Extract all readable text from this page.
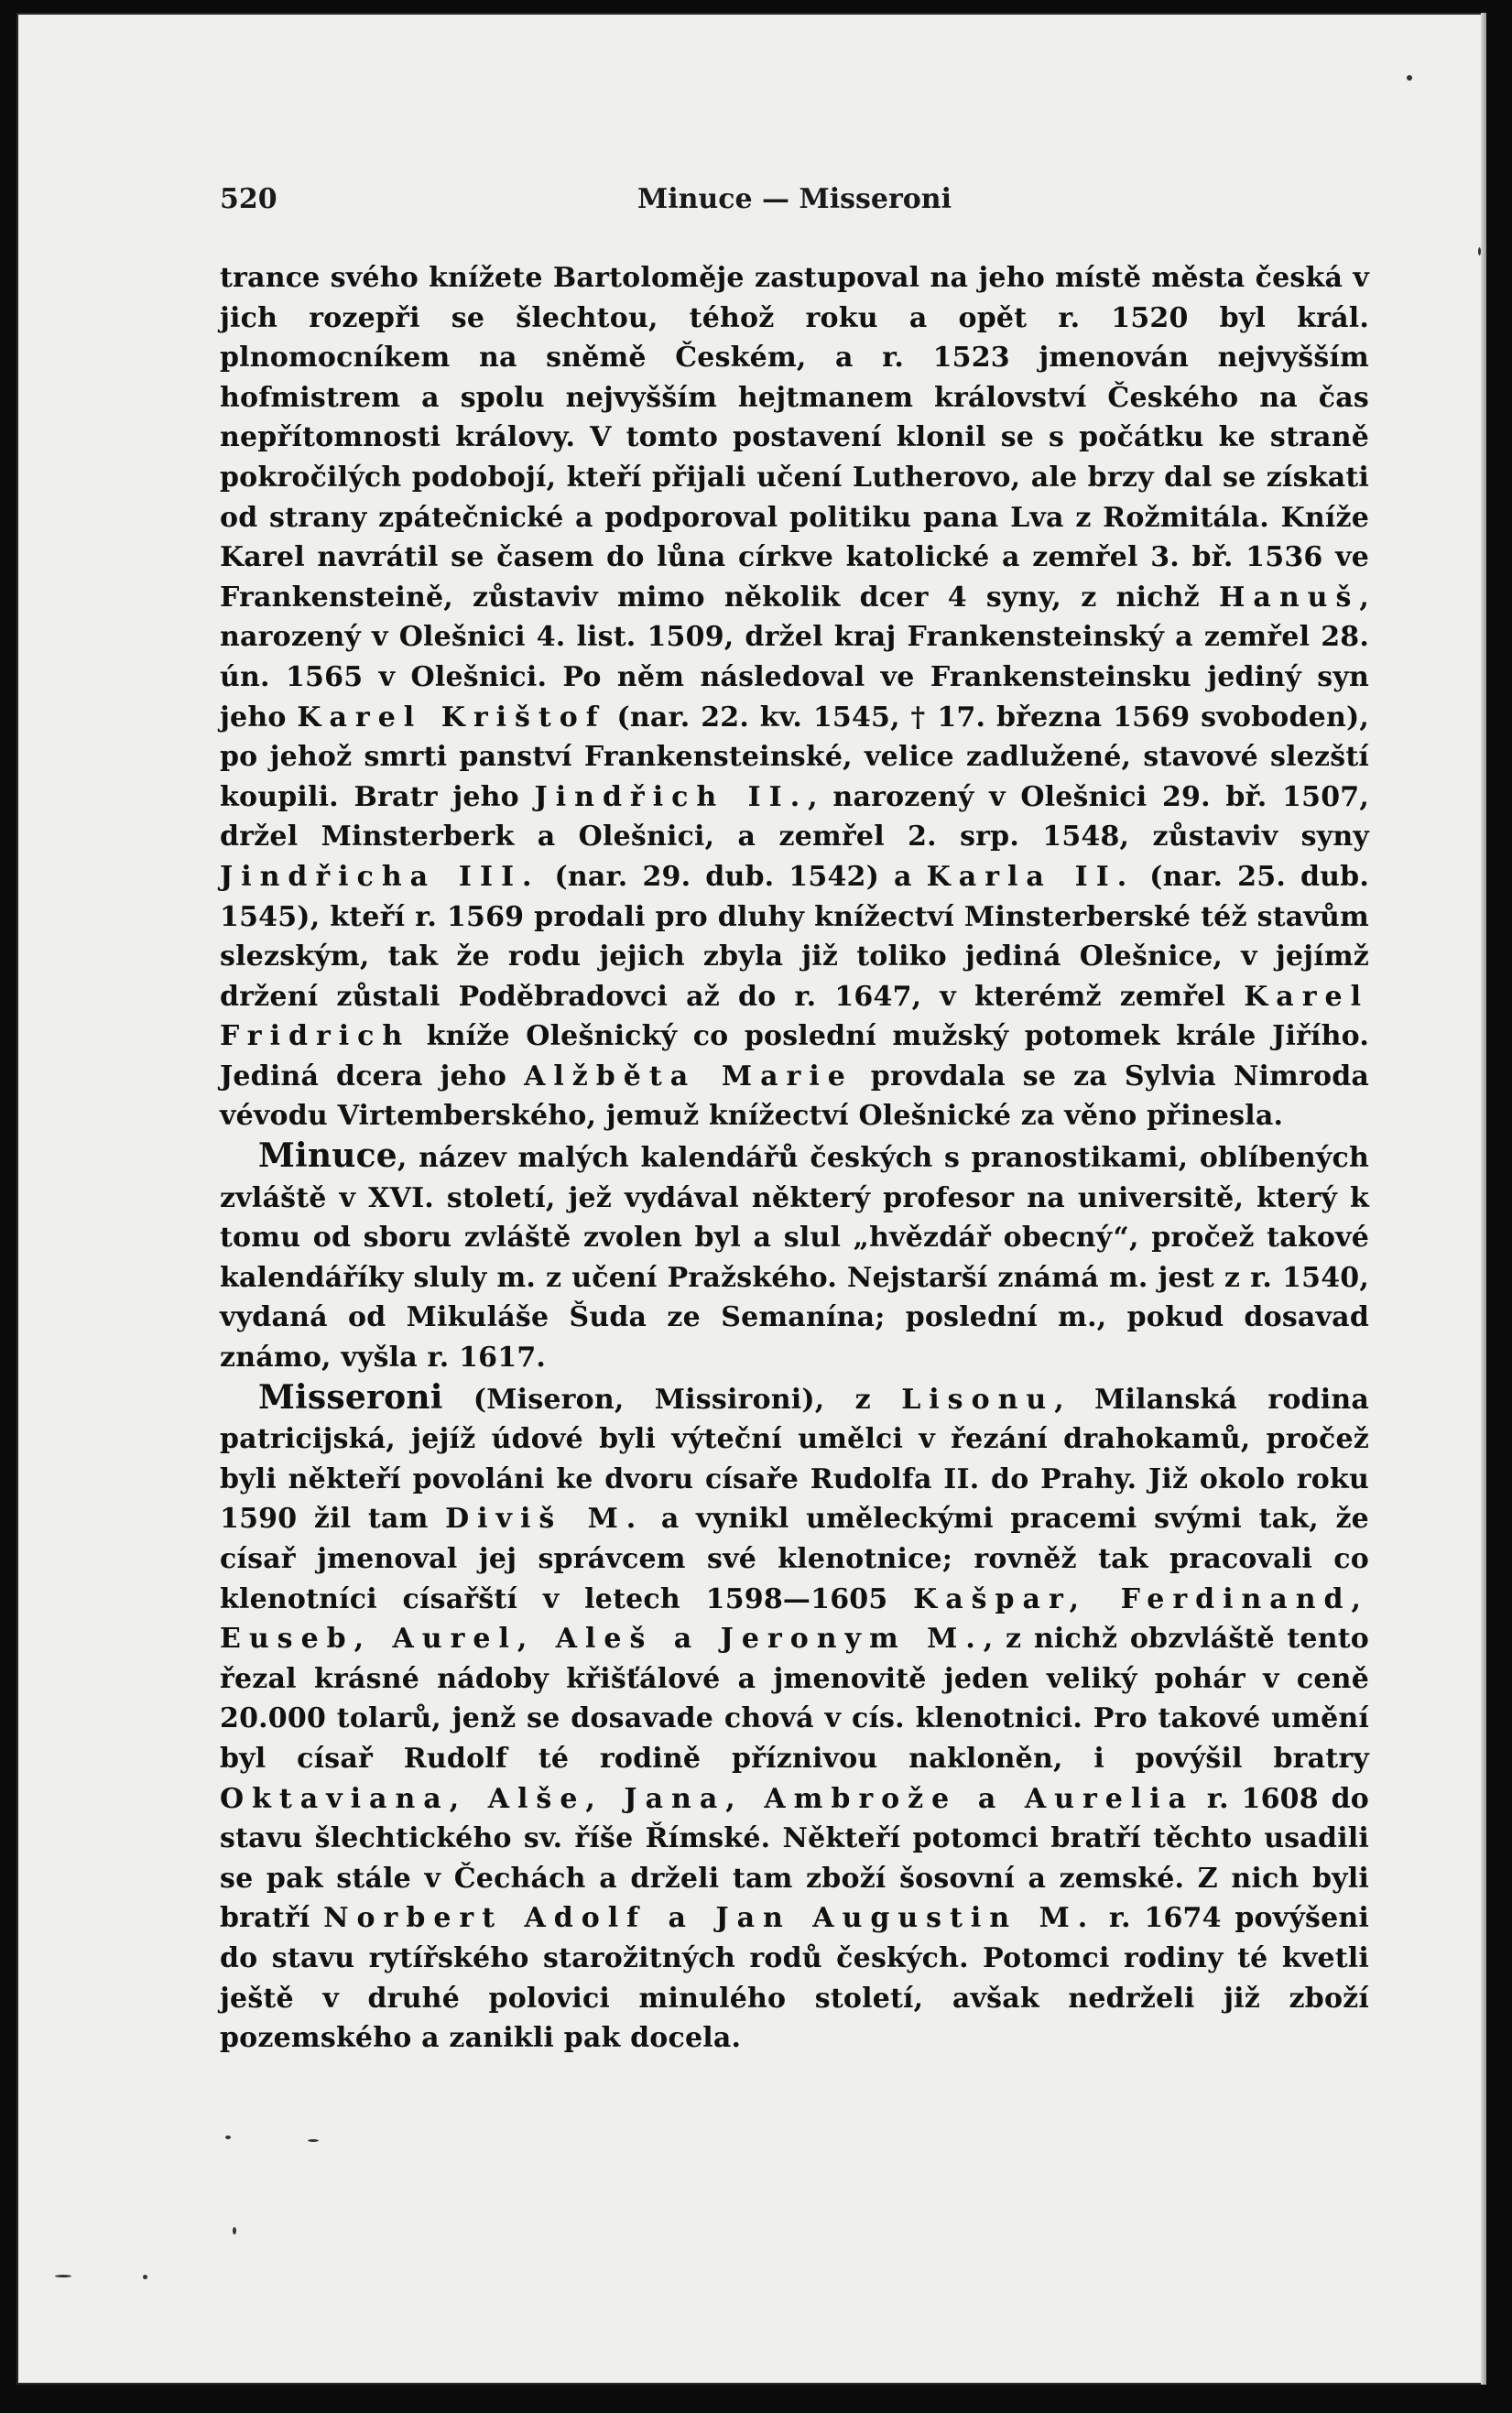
520	Minuce — Misseroni

trance svého knížete Bartoloměje zastupoval na jeho místě města česká v jich rozepři se šlechtou, téhož roku a opět r. 1520 byl král. plnomocníkem na sněmě Českém, a r. 1523 jmenován nejvyšším hofmistrem a spolu nejvyšším hejtmanem království Českého na čas nepřítomnosti královy. V tomto postavení klonil se s počátku ke straně pokročilých podobojí, kteří přijali učení Lutherovo, ale brzy dal se získati od strany zpátečnické a podporoval politiku pana Lva z Rožmitála. Kníže Karel navrátil se časem do lůna církve katolické a zemřel 3. bř. 1536 ve Frankensteině, zůstaviv mimo několik dcer 4 syny, z nichž Hanuš, narozený v Olešnici 4. list. 1509, držel kraj Frankensteinský a zemřel 28. ún. 1565 v Olešnici. Po něm následoval ve Frankensteinsku jediný syn jeho Karel Krištof (nar. 22. kv. 1545, † 17. března 1569 svoboden), po jehož smrti panství Frankensteinské, velice zadlužené, stavové slezští koupili. Bratr jeho Jindřich II., narozený v Olešnici 29. bř. 1507, držel Minsterberk a Olešnici, a zemřel 2. srp. 1548, zůstaviv syny Jindřicha III. (nar. 29. dub. 1542) a Karla II. (nar. 25. dub. 1545), kteří r. 1569 prodali pro dluhy knížectví Minsterberské též stavům slezským, tak že rodu jejich zbyla již toliko jediná Olešnice, v jejímž držení zůstali Poděbradovci až do r. 1647, v kterémž zemřel Karel Fridrich kníže Olešnický co poslední mužský potomek krále Jiřího. Jediná dcera jeho Alžběta Marie provdala se za Sylvia Nimroda vévodu Virtemberského, jemuž knížectví Olešnické za věno přinesla.

Minuce, název malých kalendářů českých s pranostikami, oblíbených zvláště v XVI. století, jež vydával některý profesor na universitě, který k tomu od sboru zvláště zvolen byl a slul „hvězdář obecný“, pročež takové kalendáříky sluly m. z učení Pražského. Nejstarší známá m. jest z r. 1540, vydaná od Mikuláše Šuda ze Semanína; poslední m., pokud dosavad známo, vyšla r. 1617.

Misseroni (Miseron, Missironi), z Lisonu, Milanská rodina patricijská, jejíž údové byli výteční umělci v řezání drahokamů, pročež byli někteří povoláni ke dvoru císaře Rudolfa II. do Prahy. Již okolo roku 1590 žil tam Diviš M. a vynikl uměleckými pracemi svými tak, že císař jmenoval jej správcem své klenotnice; rovněž tak pracovali co klenotníci císařští v letech 1598—1605 Kašpar, Ferdinand, Euseb, Aurel, Aleš a Jeronym M., z nichž obzvláště tento řezal krásné nádoby křišťálové a jmenovitě jeden veliký pohár v ceně 20.000 tolarů, jenž se dosavade chová v cís. klenotnici. Pro takové umění byl císař Rudolf té rodině příznivou nakloněn, i povýšil bratry Oktaviana, Alše, Jana, Ambrože a Aurelia r. 1608 do stavu šlechtického sv. říše Římské. Někteří potomci bratří těchto usadili se pak stále v Čechách a drželi tam zboží šosovní a zemské. Z nich byli bratří Norbert Adolf a Jan Augustin M. r. 1674 povýšeni do stavu rytířského starožitných rodů českých. Potomci rodiny té kvetli ještě v druhé polovici minulého století, avšak nedrželi již zboží pozemského a zanikli pak docela.
